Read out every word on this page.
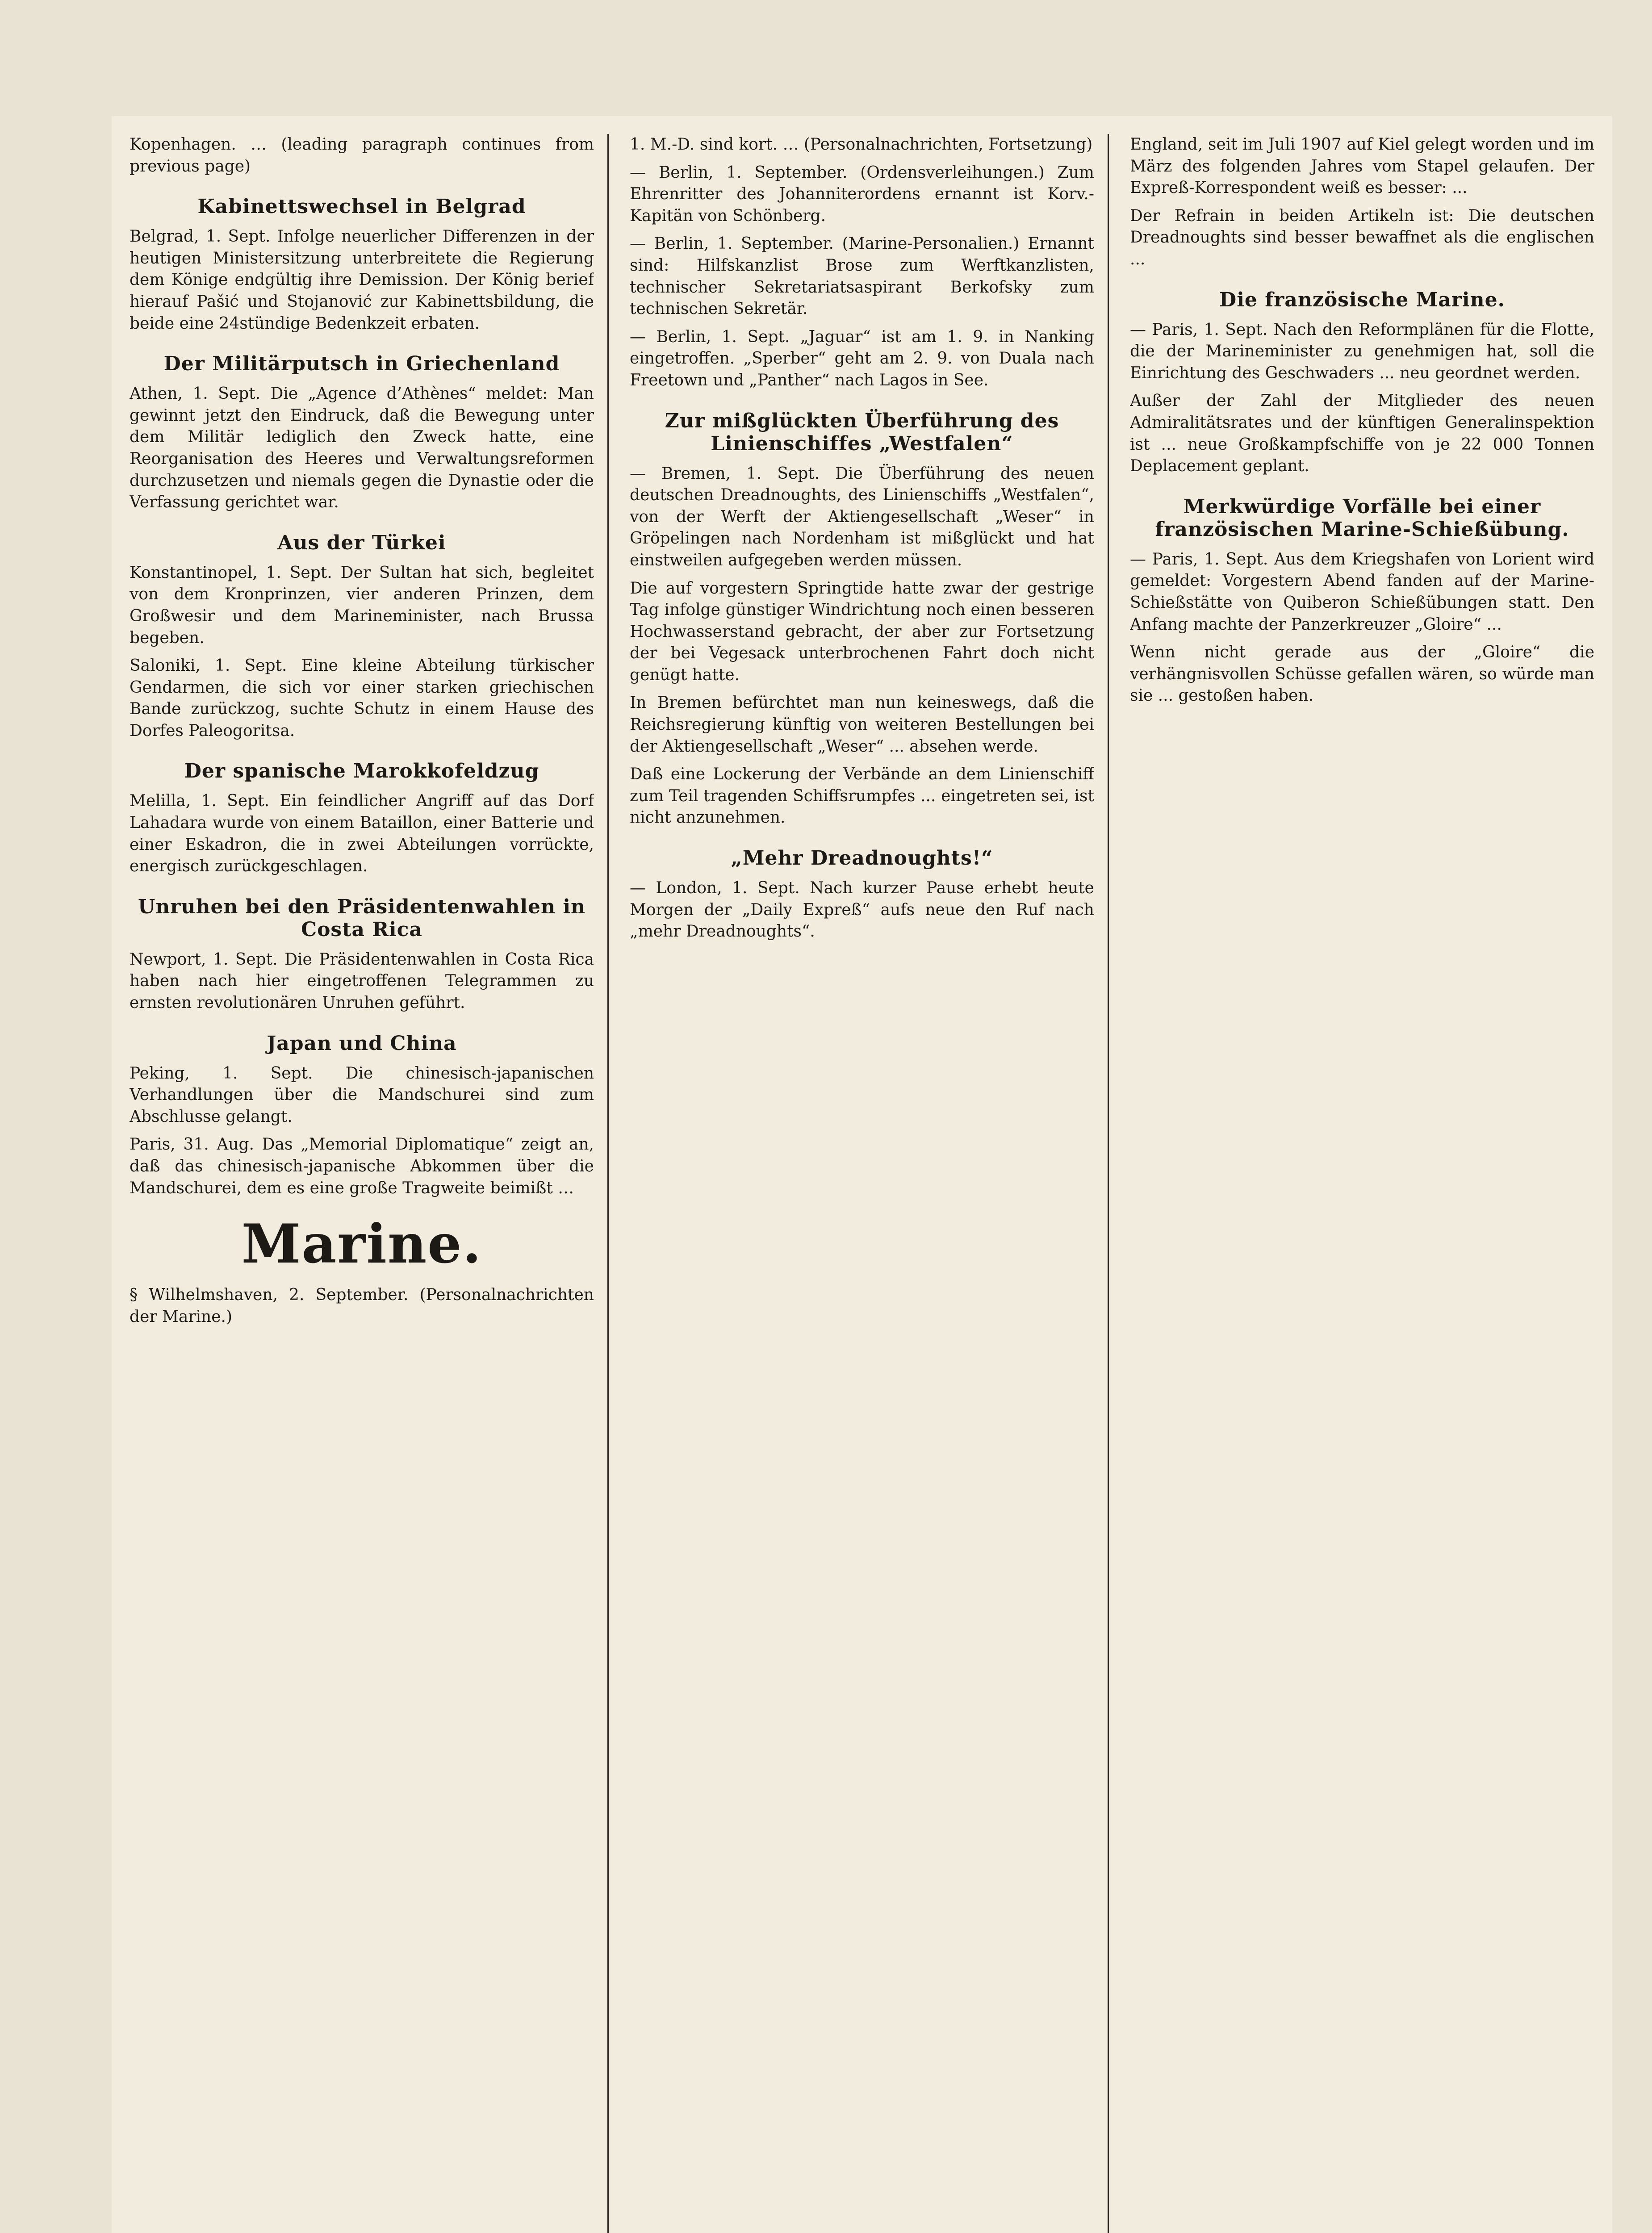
Kopenhagen. … (leading paragraph continues from previous page)

Kabinettswechsel in Belgrad

Belgrad, 1. Sept. Infolge neuerlicher Differenzen in der heutigen Ministersitzung unterbreitete die Regierung dem Könige endgültig ihre Demission. Der König berief hierauf Pašić und Stojanović zur Kabinettsbildung, die beide eine 24stündige Bedenkzeit erbaten.

Der Militärputsch in Griechenland

Athen, 1. Sept. Die „Agence d’Athènes“ meldet: Man gewinnt jetzt den Eindruck, daß die Bewegung unter dem Militär lediglich den Zweck hatte, eine Reorganisation des Heeres und Verwaltungsreformen durchzusetzen und niemals gegen die Dynastie oder die Verfassung gerichtet war.

Aus der Türkei

Konstantinopel, 1. Sept. Der Sultan hat sich, begleitet von dem Kronprinzen, vier anderen Prinzen, dem Großwesir und dem Marineminister, nach Brussa begeben.

Saloniki, 1. Sept. Eine kleine Abteilung türkischer Gendarmen, die sich vor einer starken griechischen Bande zurückzog, suchte Schutz in einem Hause des Dorfes Paleogoritsa.

Der spanische Marokkofeldzug

Melilla, 1. Sept. Ein feindlicher Angriff auf das Dorf Lahadara wurde von einem Bataillon, einer Batterie und einer Eskadron, die in zwei Abteilungen vorrückte, energisch zurückgeschlagen.

Unruhen bei den Präsidentenwahlen in Costa Rica

Newport, 1. Sept. Die Präsidentenwahlen in Costa Rica haben nach hier eingetroffenen Telegrammen zu ernsten revolutionären Unruhen geführt.

Japan und China

Peking, 1. Sept. Die chinesisch-japanischen Verhandlungen über die Mandschurei sind zum Abschlusse gelangt.

Paris, 31. Aug. Das „Memorial Diplomatique“ zeigt an, daß das chinesisch-japanische Abkommen über die Mandschurei, dem es eine große Tragweite beimißt …

Marine.

§ Wilhelmshaven, 2. September. (Personalnachrichten der Marine.)

1. M.-D. sind kort. … (Personalnachrichten, Fortsetzung)

— Berlin, 1. September. (Ordensverleihungen.) Zum Ehrenritter des Johanniterordens ernannt ist Korv.-Kapitän von Schönberg.

— Berlin, 1. September. (Marine-Personalien.) Ernannt sind: Hilfskanzlist Brose zum Werftkanzlisten, technischer Sekretariatsaspirant Berkofsky zum technischen Sekretär.

— Berlin, 1. Sept. „Jaguar“ ist am 1. 9. in Nanking eingetroffen. „Sperber“ geht am 2. 9. von Duala nach Freetown und „Panther“ nach Lagos in See.

Zur mißglückten Überführung des Linienschiffes „Westfalen“

— Bremen, 1. Sept. Die Überführung des neuen deutschen Dreadnoughts, des Linienschiffs „Westfalen“, von der Werft der Aktiengesellschaft „Weser“ in Gröpelingen nach Nordenham ist mißglückt und hat einstweilen aufgegeben werden müssen.

Die auf vorgestern Springtide hatte zwar der gestrige Tag infolge günstiger Windrichtung noch einen besseren Hochwasserstand gebracht, der aber zur Fortsetzung der bei Vegesack unterbrochenen Fahrt doch nicht genügt hatte.

In Bremen befürchtet man nun keineswegs, daß die Reichsregierung künftig von weiteren Bestellungen bei der Aktiengesellschaft „Weser“ ... absehen werde.

Daß eine Lockerung der Verbände an dem Linienschiff zum Teil tragenden Schiffsrumpfes ... eingetreten sei, ist nicht anzunehmen.

„Mehr Dreadnoughts!“

— London, 1. Sept. Nach kurzer Pause erhebt heute Morgen der „Daily Expreß“ aufs neue den Ruf nach „mehr Dreadnoughts“.

England, seit im Juli 1907 auf Kiel gelegt worden und im März des folgenden Jahres vom Stapel gelaufen. Der Expreß-Korrespondent weiß es besser: ...

Der Refrain in beiden Artikeln ist: Die deutschen Dreadnoughts sind besser bewaffnet als die englischen ...

Die französische Marine.

— Paris, 1. Sept. Nach den Reformplänen für die Flotte, die der Marineminister zu genehmigen hat, soll die Einrichtung des Geschwaders ... neu geordnet werden.

Außer der Zahl der Mitglieder des neuen Admiralitätsrates und der künftigen Generalinspektion ist ... neue Großkampfschiffe von je 22 000 Tonnen Deplacement geplant.

Merkwürdige Vorfälle bei einer französischen Marine-Schießübung.

— Paris, 1. Sept. Aus dem Kriegshafen von Lorient wird gemeldet: Vorgestern Abend fanden auf der Marine-Schießstätte von Quiberon Schießübungen statt. Den Anfang machte der Panzerkreuzer „Gloire“ ...

Wenn nicht gerade aus der „Gloire“ die verhängnisvollen Schüsse gefallen wären, so würde man sie ... gestoßen haben.
